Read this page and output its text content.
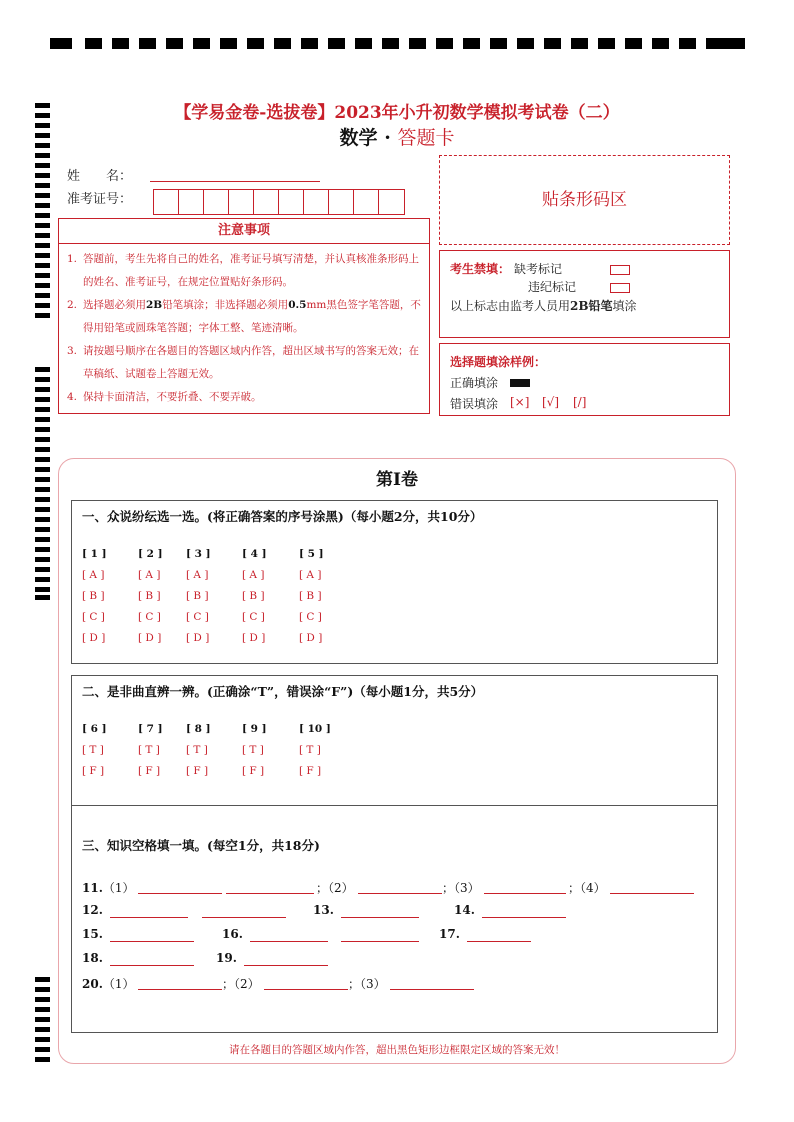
【学易金卷-选拔卷】2023年小升初数学模拟考试卷（二）
数学 · 答题卡
姓　　名：
准考证号：	贴条形码区
注意事项
1. 答题前，考生先将自己的姓名，准考证号填写清楚，并认真核准条形码上的姓名、准考证号，在规定位置贴好条形码。
2. 选择题必须用2B铅笔填涂；非选择题必须用0.5mm黑色签字笔答题，不得用铅笔或圆珠笔答题；字体工整、笔迹清晰。
3. 请按题号顺序在各题目的答题区域内作答，超出区域书写的答案无效；在草稿纸、试题卷上答题无效。
4. 保持卡面清洁，不要折叠、不要弄破。
考生禁填： 缺考标记
违纪标记
以上标志由监考人员用2B铅笔填涂
选择题填涂样例：
正确填涂
错误填涂 [×] [√] [/]
第Ⅰ卷
一、众说纷纭选一选。(将正确答案的序号涂黑)（每小题2分，共10分）
[ 1 ]	[ 2 ] [ 3 ]	[ 4 ]	[ 5 ]
[ A ]	[ A ] [ A ]	[ A ]	[ A ]
[ B ]	[ B ] [ B ]	[ B ]	[ B ]
[ C ]	[ C ] [ C ]	[ C ]	[ C ]
[ D ]	[ D ] [ D ]	[ D ]	[ D ]
二、是非曲直辨一辨。(正确涂“T”，错误涂“F”)（每小题1分，共5分）
[ 6 ]	[ 7 ] [ 8 ]	[ 9 ]	[ 10 ]
[ T ]	[ T ] [ T ]	[ T ]	[ T ]
[ F ]	[ F ] [ F ]	[ F ]	[ F ]
三、知识空格填一填。(每空1分，共18分)
11.（1）	；（2）	；（3）	；（4）
12.	13.	14.
15.	16.	17.
18.	19.
20.（1）	；（2）	；（3）
请在各题目的答题区域内作答，超出黑色矩形边框限定区域的答案无效！
